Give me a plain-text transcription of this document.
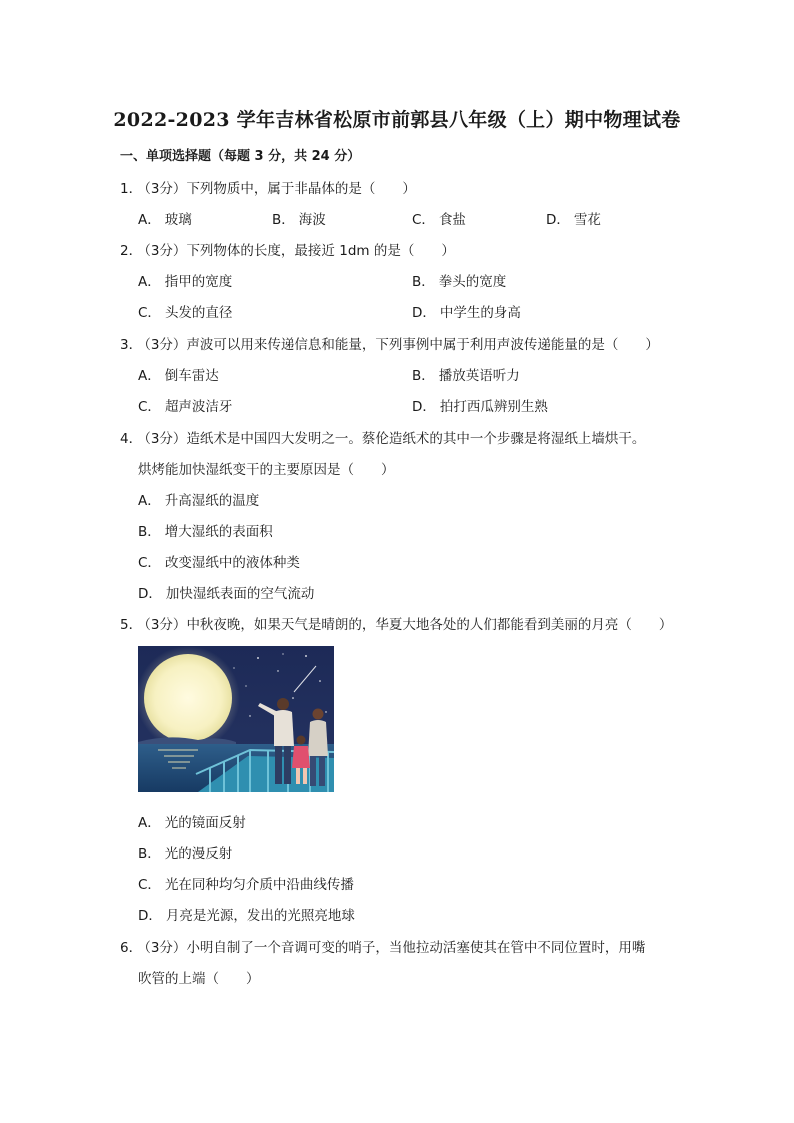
2022-2023 学年吉林省松原市前郭县八年级（上）期中物理试卷
一、单项选择题（每题 3 分，共 24 分）
1． （3分）下列物质中，属于非晶体的是（　　）
A． 玻璃	B． 海波	C． 食盐	D． 雪花
2． （3分）下列物体的长度，最接近 1dm 的是（　　）
A． 指甲的宽度	B． 拳头的宽度
C． 头发的直径	D． 中学生的身高
3． （3分）声波可以用来传递信息和能量，下列事例中属于利用声波传递能量的是（　　）
A． 倒车雷达	B． 播放英语听力
C． 超声波洁牙	D． 拍打西瓜辨别生熟
4． （3分）造纸术是中国四大发明之一。蔡伦造纸术的其中一个步骤是将湿纸上墙烘干。
烘烤能加快湿纸变干的主要原因是（　　）
A． 升高湿纸的温度
B． 增大湿纸的表面积
C． 改变湿纸中的液体种类
D． 加快湿纸表面的空气流动
5． （3分）中秋夜晚，如果天气是晴朗的，华夏大地各处的人们都能看到美丽的月亮（　　）
A． 光的镜面反射
B． 光的漫反射
C． 光在同种均匀介质中沿曲线传播
D． 月亮是光源，发出的光照亮地球
6． （3分）小明自制了一个音调可变的哨子，当他拉动活塞使其在管中不同位置时，用嘴
吹管的上端（　　）
